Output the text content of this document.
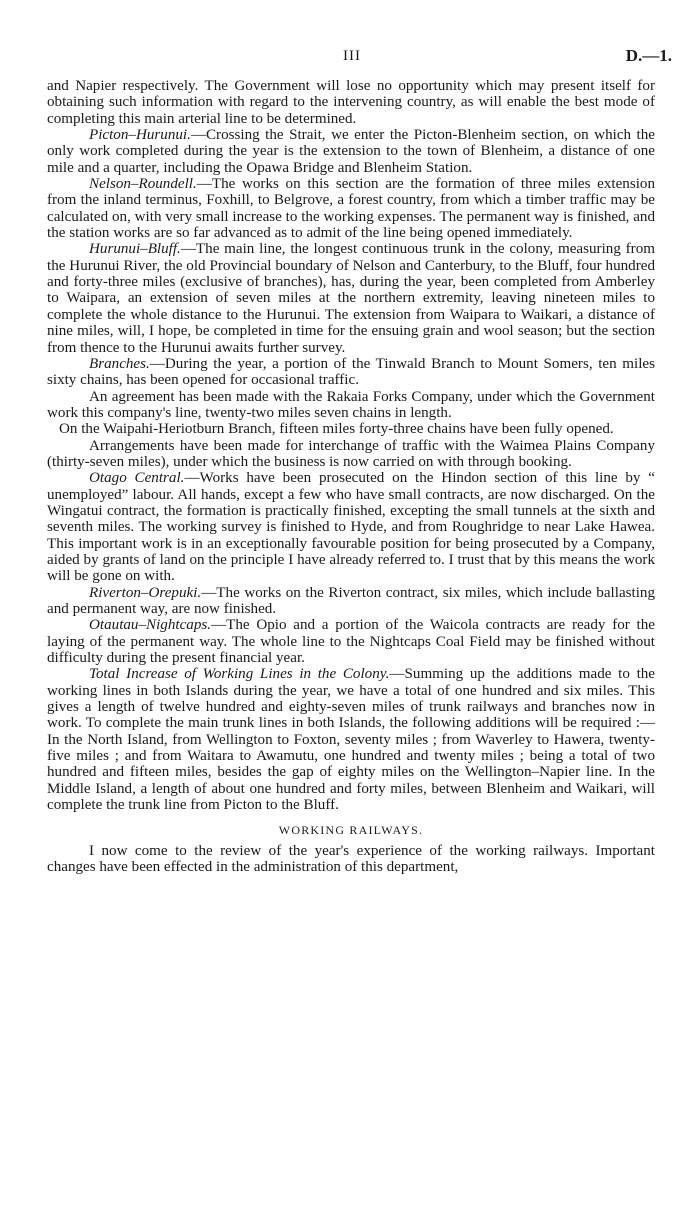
III	D.—1.

and Napier respectively. The Government will lose no opportunity which may present itself for obtaining such information with regard to the intervening country, as will enable the best mode of completing this main arterial line to be determined.

Picton–Hurunui.—Crossing the Strait, we enter the Picton-Blenheim section, on which the only work completed during the year is the extension to the town of Blenheim, a distance of one mile and a quarter, including the Opawa Bridge and Blenheim Station.

Nelson–Roundell.—The works on this section are the formation of three miles extension from the inland terminus, Foxhill, to Belgrove, a forest country, from which a timber traffic may be calculated on, with very small increase to the working expenses. The permanent way is finished, and the station works are so far advanced as to admit of the line being opened immediately.

Hurunui–Bluff.—The main line, the longest continuous trunk in the colony, measuring from the Hurunui River, the old Provincial boundary of Nelson and Canterbury, to the Bluff, four hundred and forty-three miles (exclusive of branches), has, during the year, been completed from Amberley to Waipara, an extension of seven miles at the northern extremity, leaving nineteen miles to complete the whole distance to the Hurunui. The extension from Waipara to Waikari, a distance of nine miles, will, I hope, be completed in time for the ensuing grain and wool season; but the section from thence to the Hurunui awaits further survey.

Branches.—During the year, a portion of the Tinwald Branch to Mount Somers, ten miles sixty chains, has been opened for occasional traffic.

An agreement has been made with the Rakaia Forks Company, under which the Government work this company's line, twenty-two miles seven chains in length.

On the Waipahi-Heriotburn Branch, fifteen miles forty-three chains have been fully opened.

Arrangements have been made for interchange of traffic with the Waimea Plains Company (thirty-seven miles), under which the business is now carried on with through booking.

Otago Central.—Works have been prosecuted on the Hindon section of this line by “ unemployed” labour. All hands, except a few who have small contracts, are now discharged. On the Wingatui contract, the formation is practically finished, excepting the small tunnels at the sixth and seventh miles. The working survey is finished to Hyde, and from Roughridge to near Lake Hawea. This important work is in an exceptionally favourable position for being prosecuted by a Company, aided by grants of land on the principle I have already referred to. I trust that by this means the work will be gone on with.

Riverton–Orepuki.—The works on the Riverton contract, six miles, which include ballasting and permanent way, are now finished.

Otautau–Nightcaps.—The Opio and a portion of the Waicola contracts are ready for the laying of the permanent way. The whole line to the Nightcaps Coal Field may be finished without difficulty during the present financial year.

Total Increase of Working Lines in the Colony.—Summing up the additions made to the working lines in both Islands during the year, we have a total of one hundred and six miles. This gives a length of twelve hundred and eighty-seven miles of trunk railways and branches now in work. To complete the main trunk lines in both Islands, the following additions will be required :—In the North Island, from Wellington to Foxton, seventy miles ; from Waverley to Hawera, twenty-five miles ; and from Waitara to Awamutu, one hundred and twenty miles ; being a total of two hundred and fifteen miles, besides the gap of eighty miles on the Wellington–Napier line. In the Middle Island, a length of about one hundred and forty miles, between Blenheim and Waikari, will complete the trunk line from Picton to the Bluff.

WORKING RAILWAYS.

I now come to the review of the year's experience of the working railways. Important changes have been effected in the administration of this department,
